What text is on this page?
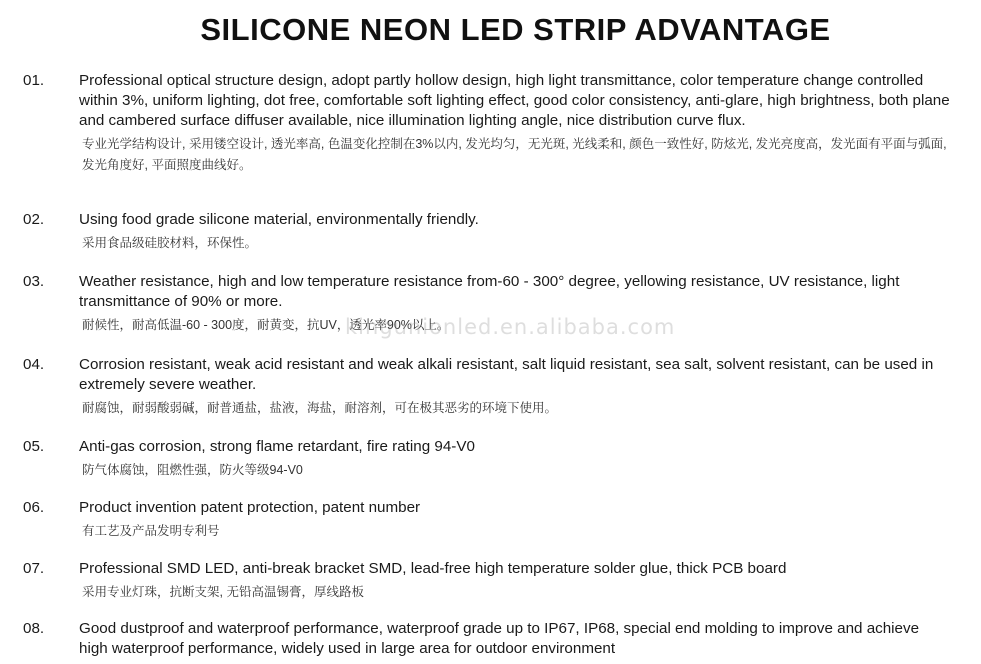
SILICONE NEON LED STRIP ADVANTAGE
01. Professional optical structure design, adopt partly hollow design, high light transmittance, color temperature change controlled within 3%, uniform lighting, dot free, comfortable soft lighting effect, good color consistency, anti-glare, high brightness, both plane and cambered surface diffuser available, nice illumination lighting angle, nice distribution curve flux.
专业光学结构设计, 采用镂空设计, 透光率高, 色温变化控制在3%以内, 发光均匀，无光斑, 光线柔和, 颜色一致性好, 防炫光, 发光亮度高，发光面有平面与弧面, 发光角度好, 平面照度曲线好。
02. Using food grade silicone material, environmentally friendly.
采用食品级硅胶材料，环保性。
03. Weather resistance, high and low temperature resistance from-60 - 300° degree, yellowing resistance, UV resistance, light transmittance of 90% or more.
耐候性，耐高低温-60 - 300度，耐黄变，抗UV，透光率90%以上。
04. Corrosion resistant, weak acid resistant and weak alkali resistant, salt liquid resistant, sea salt, solvent resistant, can be used in extremely severe weather.
耐腐蚀，耐弱酸弱碱，耐普通盐，盐液，海盐，耐溶剂，可在极其恶劣的环境下使用。
05. Anti-gas corrosion, strong flame retardant, fire rating 94-V0
防气体腐蚀，阻燃性强，防火等级94-V0
06. Product invention patent protection, patent number
有工艺及产品发明专利号
07. Professional SMD LED, anti-break bracket SMD, lead-free high temperature solder glue, thick PCB board
采用专业灯珠，抗断支架, 无铅高温锡膏，厚线路板
08. Good dustproof and waterproof performance, waterproof grade up to IP67, IP68, special end molding to improve and achieve high waterproof performance, widely used in large area for outdoor environment
kingunionled.en.alibaba.com
